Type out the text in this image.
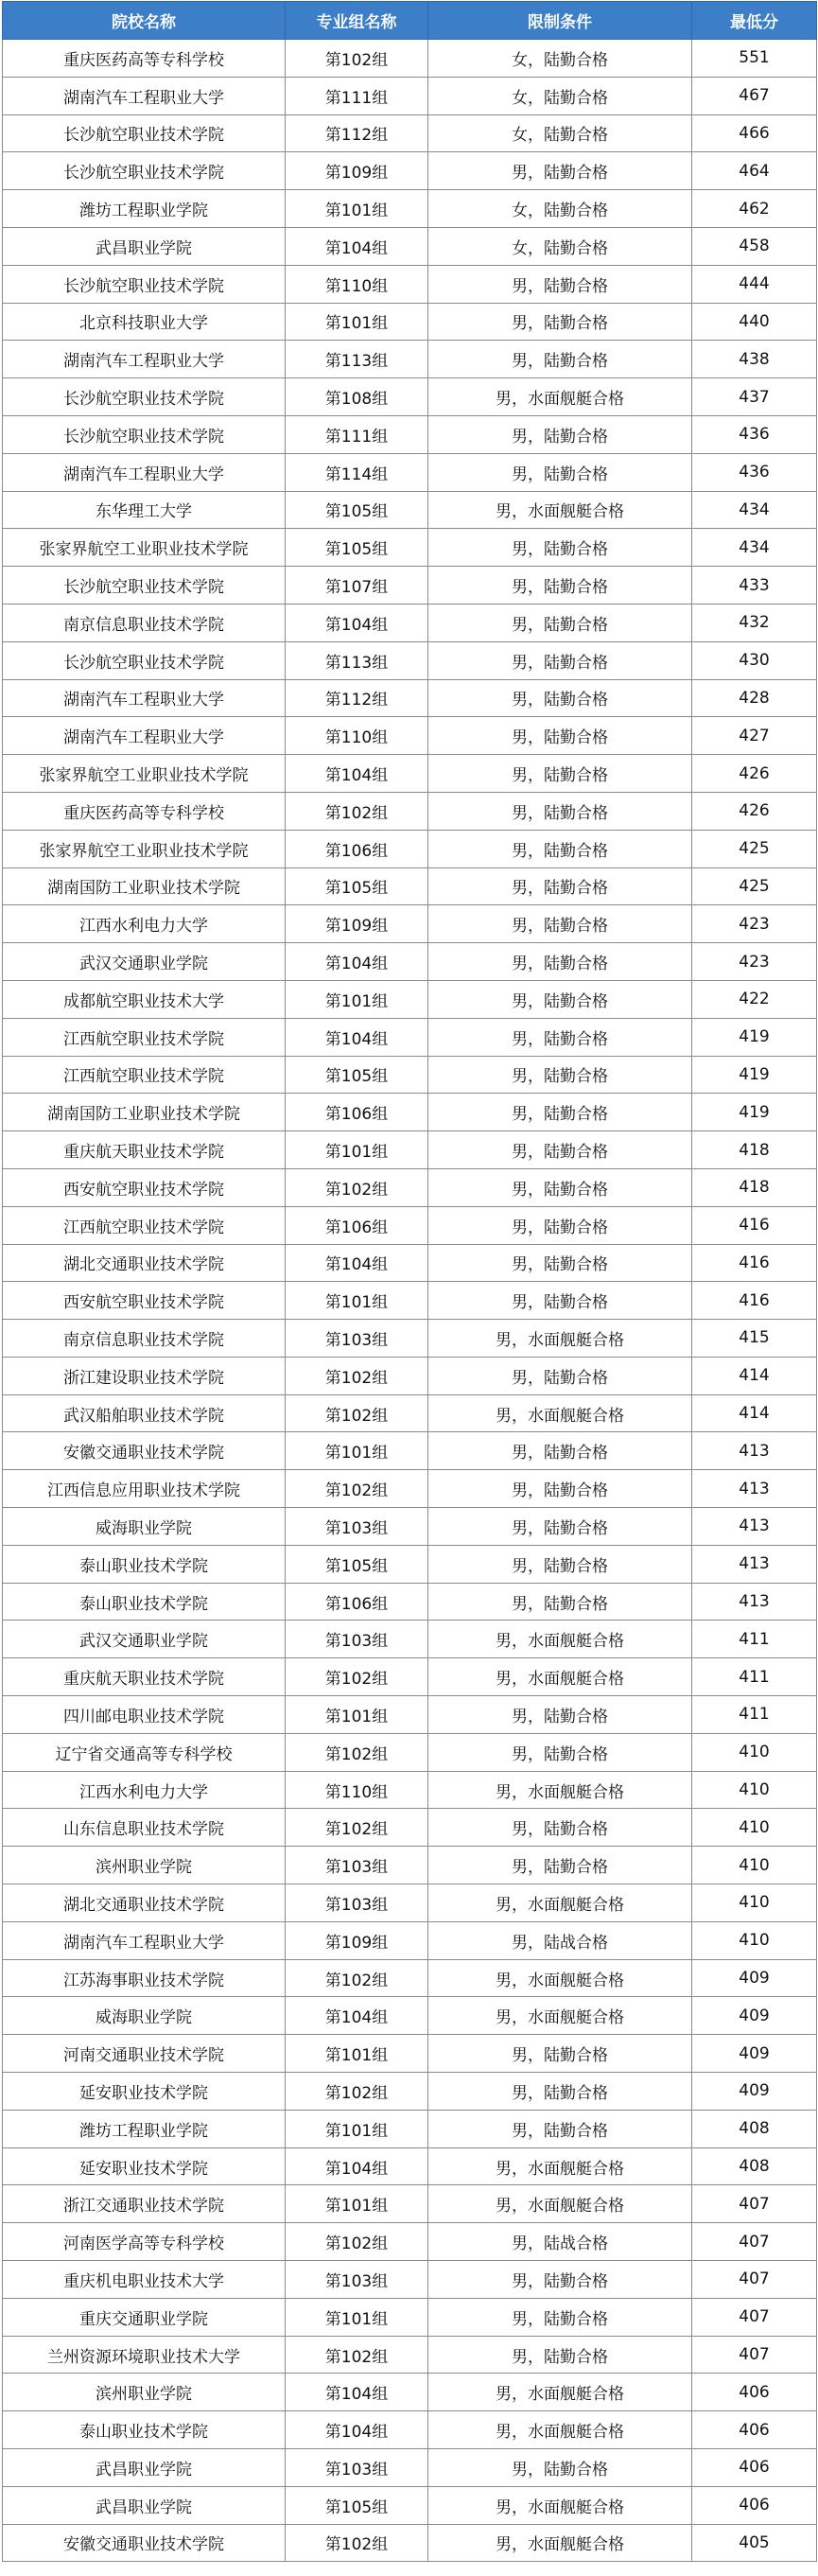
院校名称	专业组名称	限制条件	最低分
重庆医药高等专科学校	第102组	女，陆勤合格	551
湖南汽车工程职业大学	第111组	女，陆勤合格	467
长沙航空职业技术学院	第112组	女，陆勤合格	466
长沙航空职业技术学院	第109组	男，陆勤合格	464
潍坊工程职业学院	第101组	女，陆勤合格	462
武昌职业学院	第104组	女，陆勤合格	458
长沙航空职业技术学院	第110组	男，陆勤合格	444
北京科技职业大学	第101组	男，陆勤合格	440
湖南汽车工程职业大学	第113组	男，陆勤合格	438
长沙航空职业技术学院	第108组	男，水面舰艇合格	437
长沙航空职业技术学院	第111组	男，陆勤合格	436
湖南汽车工程职业大学	第114组	男，陆勤合格	436
东华理工大学	第105组	男，水面舰艇合格	434
张家界航空工业职业技术学院	第105组	男，陆勤合格	434
长沙航空职业技术学院	第107组	男，陆勤合格	433
南京信息职业技术学院	第104组	男，陆勤合格	432
长沙航空职业技术学院	第113组	男，陆勤合格	430
湖南汽车工程职业大学	第112组	男，陆勤合格	428
湖南汽车工程职业大学	第110组	男，陆勤合格	427
张家界航空工业职业技术学院	第104组	男，陆勤合格	426
重庆医药高等专科学校	第102组	男，陆勤合格	426
张家界航空工业职业技术学院	第106组	男，陆勤合格	425
湖南国防工业职业技术学院	第105组	男，陆勤合格	425
江西水利电力大学	第109组	男，陆勤合格	423
武汉交通职业学院	第104组	男，陆勤合格	423
成都航空职业技术大学	第101组	男，陆勤合格	422
江西航空职业技术学院	第104组	男，陆勤合格	419
江西航空职业技术学院	第105组	男，陆勤合格	419
湖南国防工业职业技术学院	第106组	男，陆勤合格	419
重庆航天职业技术学院	第101组	男，陆勤合格	418
西安航空职业技术学院	第102组	男，陆勤合格	418
江西航空职业技术学院	第106组	男，陆勤合格	416
湖北交通职业技术学院	第104组	男，陆勤合格	416
西安航空职业技术学院	第101组	男，陆勤合格	416
南京信息职业技术学院	第103组	男，水面舰艇合格	415
浙江建设职业技术学院	第102组	男，陆勤合格	414
武汉船舶职业技术学院	第102组	男，水面舰艇合格	414
安徽交通职业技术学院	第101组	男，陆勤合格	413
江西信息应用职业技术学院	第102组	男，陆勤合格	413
威海职业学院	第103组	男，陆勤合格	413
泰山职业技术学院	第105组	男，陆勤合格	413
泰山职业技术学院	第106组	男，陆勤合格	413
武汉交通职业学院	第103组	男，水面舰艇合格	411
重庆航天职业技术学院	第102组	男，水面舰艇合格	411
四川邮电职业技术学院	第101组	男，陆勤合格	411
辽宁省交通高等专科学校	第102组	男，陆勤合格	410
江西水利电力大学	第110组	男，水面舰艇合格	410
山东信息职业技术学院	第102组	男，陆勤合格	410
滨州职业学院	第103组	男，陆勤合格	410
湖北交通职业技术学院	第103组	男，水面舰艇合格	410
湖南汽车工程职业大学	第109组	男，陆战合格	410
江苏海事职业技术学院	第102组	男，水面舰艇合格	409
威海职业学院	第104组	男，水面舰艇合格	409
河南交通职业技术学院	第101组	男，陆勤合格	409
延安职业技术学院	第102组	男，陆勤合格	409
潍坊工程职业学院	第101组	男，陆勤合格	408
延安职业技术学院	第104组	男，水面舰艇合格	408
浙江交通职业技术学院	第101组	男，水面舰艇合格	407
河南医学高等专科学校	第102组	男，陆战合格	407
重庆机电职业技术大学	第103组	男，陆勤合格	407
重庆交通职业学院	第101组	男，陆勤合格	407
兰州资源环境职业技术大学	第102组	男，陆勤合格	407
滨州职业学院	第104组	男，水面舰艇合格	406
泰山职业技术学院	第104组	男，水面舰艇合格	406
武昌职业学院	第103组	男，陆勤合格	406
武昌职业学院	第105组	男，水面舰艇合格	406
安徽交通职业技术学院	第102组	男，水面舰艇合格	405
